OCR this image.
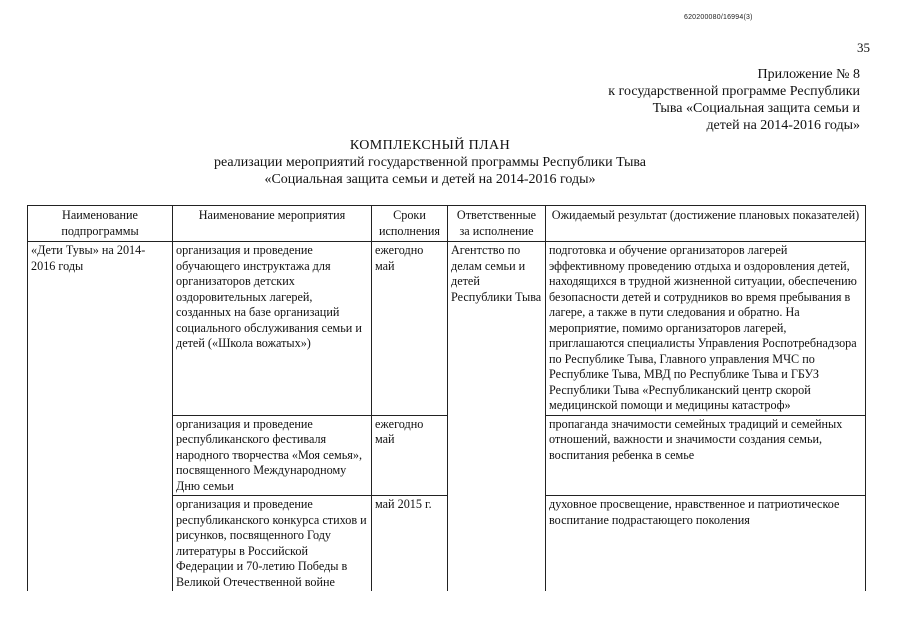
620200080/16994(3)
35
Приложение № 8
к государственной программе Республики
Тыва «Социальная защита семьи и
детей на 2014-2016 годы»
КОМПЛЕКСНЫЙ ПЛАН
реализации мероприятий государственной программы Республики Тыва
«Социальная защита семьи и детей на 2014-2016 годы»
Наименование подпрограммы	Наименование мероприятия	Сроки исполнения	Ответственные за исполнение	Ожидаемый результат (достижение плановых показателей)
«Дети Тувы» на 2014-2016 годы	организация и проведение обучающего инструктажа для организаторов детских оздоровительных лагерей, созданных на базе организаций социального обслуживания семьи и детей («Школа вожатых»)	ежегодно май	Агентство по делам семьи и детей Республики Тыва	подготовка и обучение организаторов лагерей эффективному проведению отдыха и оздоровления детей, находящихся в трудной жизненной ситуации, обеспечению безопасности детей и сотрудников во время пребывания в лагере, а также в пути следования и обратно. На мероприятие, помимо организаторов лагерей, приглашаются специалисты Управления Роспотребнадзора по Республике Тыва, Главного управления МЧС по Республике Тыва, МВД по Республике Тыва и ГБУЗ Республики Тыва «Республиканский центр скорой медицинской помощи и медицины катастроф»
	организация и проведение республиканского фестиваля народного творчества «Моя семья», посвященного Международному Дню семьи	ежегодно май		пропаганда значимости семейных традиций и семейных отношений, важности и значимости создания семьи, воспитания ребенка в семье
	организация и проведение республиканского конкурса стихов и рисунков, посвященного Году литературы в Российской Федерации и 70-летию Победы в Великой Отечественной войне	май 2015 г.		духовное просвещение, нравственное и патриотическое воспитание подрастающего поколения
